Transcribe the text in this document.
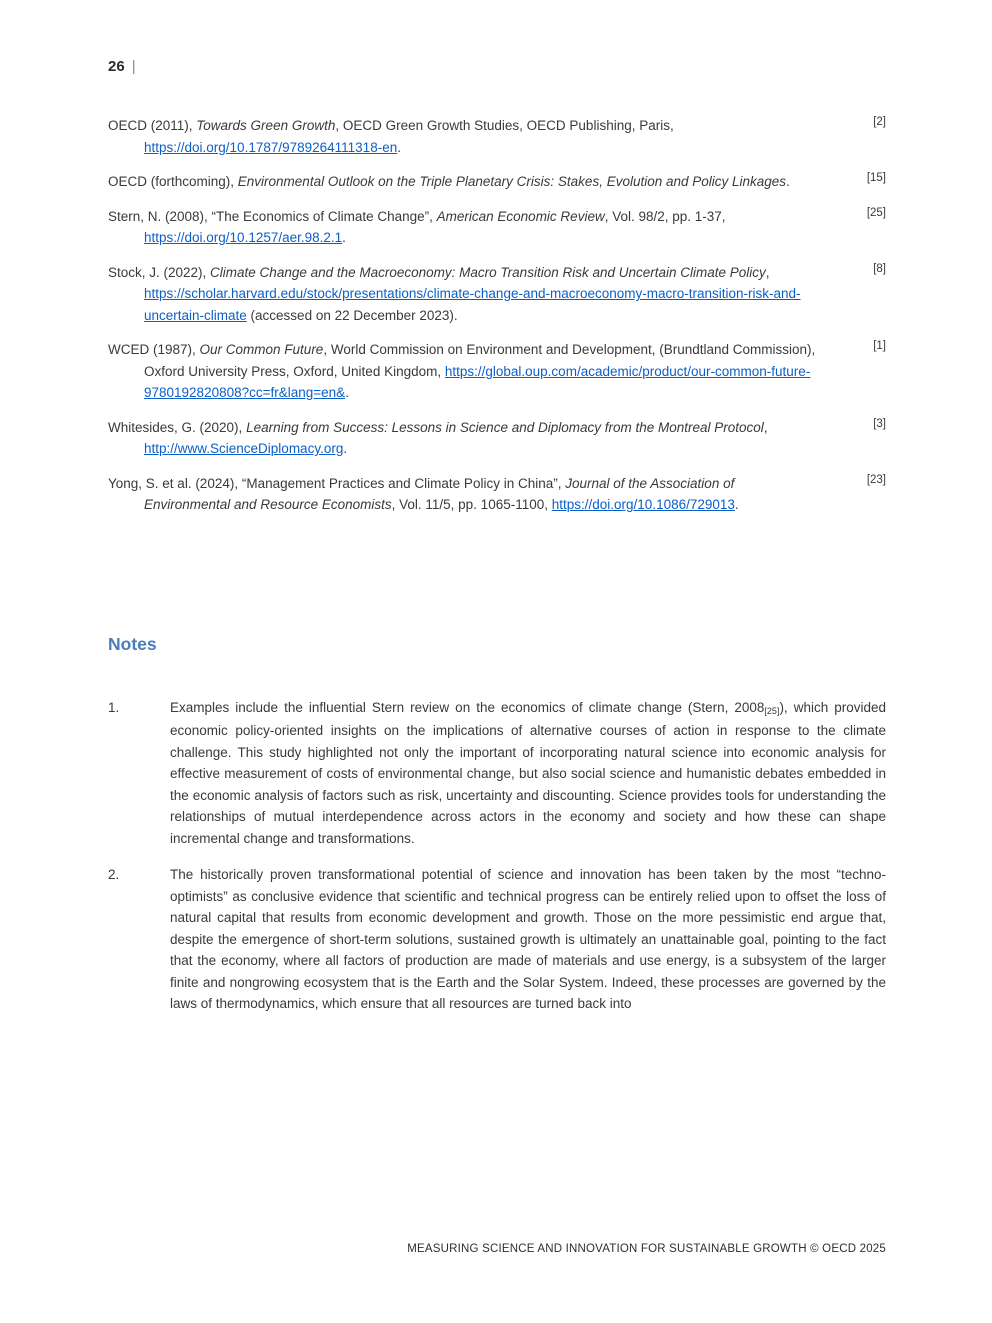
26 |
OECD (2011), Towards Green Growth, OECD Green Growth Studies, OECD Publishing, Paris, https://doi.org/10.1787/9789264111318-en.
[2]
OECD (forthcoming), Environmental Outlook on the Triple Planetary Crisis: Stakes, Evolution and Policy Linkages.	[15]
Stern, N. (2008), “The Economics of Climate Change”, American Economic Review, Vol. 98/2, pp. 1-37, https://doi.org/10.1257/aer.98.2.1.
[25]
Stock, J. (2022), Climate Change and the Macroeconomy: Macro Transition Risk and Uncertain Climate Policy, https://scholar.harvard.edu/stock/presentations/climate-change-and-macroeconomy-macro-transition-risk-and-uncertain-climate (accessed on 22 December 2023).
[8]
WCED (1987), Our Common Future, World Commission on Environment and Development, (Brundtland Commission), Oxford University Press, Oxford, United Kingdom, https://global.oup.com/academic/product/our-common-future-9780192820808?cc=fr&lang=en&.
[1]
Whitesides, G. (2020), Learning from Success: Lessons in Science and Diplomacy from the Montreal Protocol, http://www.ScienceDiplomacy.org.
[3]
Yong, S. et al. (2024), “Management Practices and Climate Policy in China”, Journal of the Association of Environmental and Resource Economists, Vol. 11/5, pp. 1065-1100, https://doi.org/10.1086/729013.
[23]
Notes
1.	Examples include the influential Stern review on the economics of climate change (Stern, 2008[25]), which provided economic policy-oriented insights on the implications of alternative courses of action in response to the climate challenge. This study highlighted not only the important of incorporating natural science into economic analysis for effective measurement of costs of environmental change, but also social science and humanistic debates embedded in the economic analysis of factors such as risk, uncertainty and discounting. Science provides tools for understanding the relationships of mutual interdependence across actors in the economy and society and how these can shape incremental change and transformations.
2.	The historically proven transformational potential of science and innovation has been taken by the most “techno-optimists” as conclusive evidence that scientific and technical progress can be entirely relied upon to offset the loss of natural capital that results from economic development and growth. Those on the more pessimistic end argue that, despite the emergence of short-term solutions, sustained growth is ultimately an unattainable goal, pointing to the fact that the economy, where all factors of production are made of materials and use energy, is a subsystem of the larger finite and nongrowing ecosystem that is the Earth and the Solar System. Indeed, these processes are governed by the laws of thermodynamics, which ensure that all resources are turned back into
MEASURING SCIENCE AND INNOVATION FOR SUSTAINABLE GROWTH © OECD 2025
